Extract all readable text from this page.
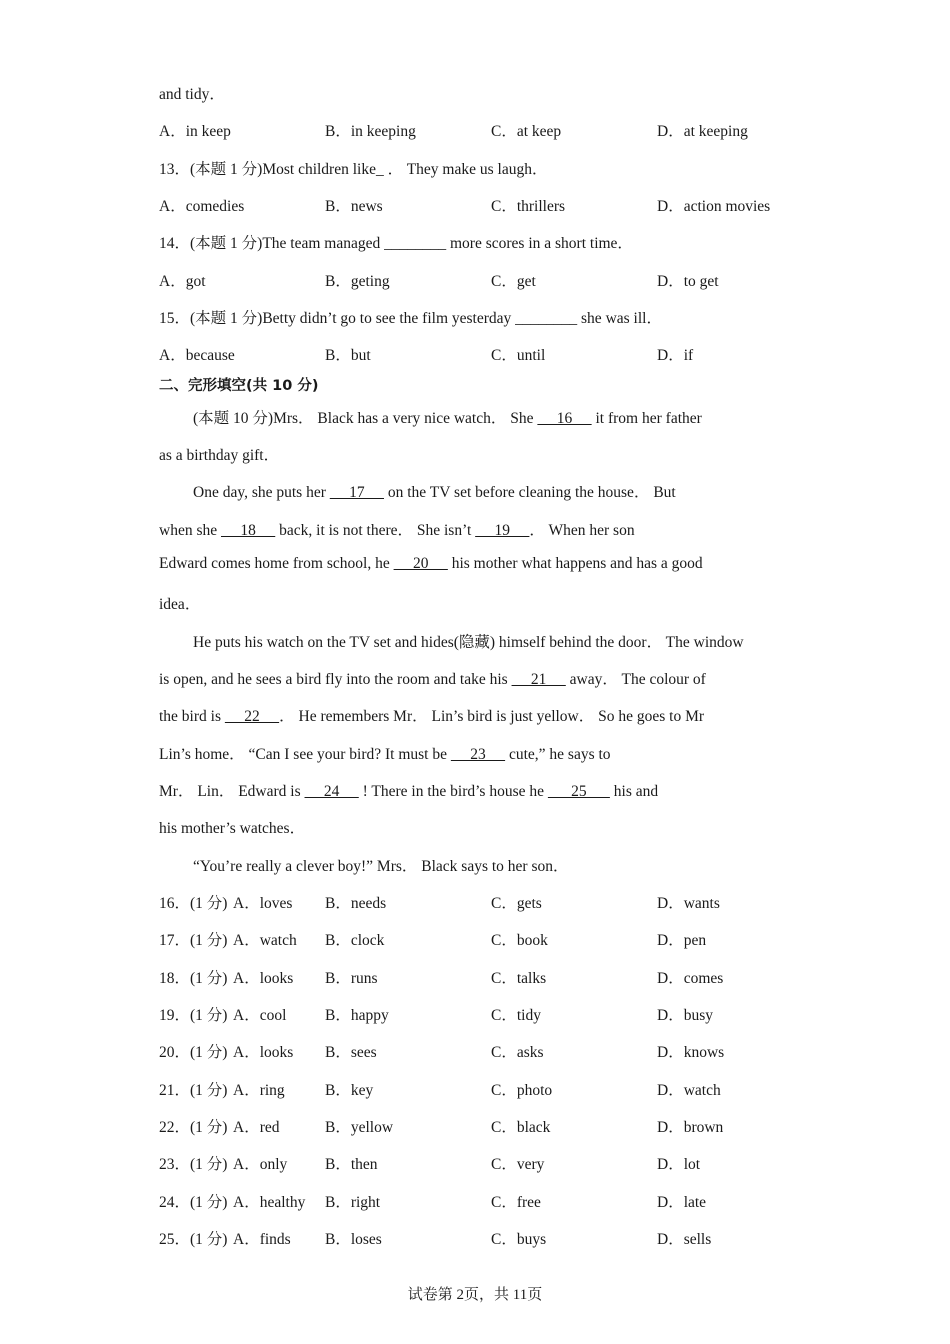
and tidy．
A．in keep	B．in keeping	C．at keep	D．at keeping
13．(本题 1 分)Most children like_ ． They make us laugh．
A．comedies	B．news	C．thrillers	D．action movies
14．(本题 1 分)The team managed ________ more scores in a short time．
A．got	B．geting	C．get	D．to get
15．(本题 1 分)Betty didn’t go to see the film yesterday ________ she was ill．
A．because	B．but	C．until	D．if
二、完形填空(共 10 分)
(本题 10 分)Mrs． Black has a very nice watch． She      16      it from her father
as a birthday gift．
One day, she puts her      17      on the TV set before cleaning the house． But
when she      18      back, it is not there． She isn’t      19     ． When her son
Edward comes home from school, he      20      his mother what happens and has a good
idea．
He puts his watch on the TV set and hides(隐藏) himself behind the door． The window
is open, and he sees a bird fly into the room and take his      21      away． The colour of
the bird is      22     ． He remembers Mr． Lin’s bird is just yellow． So he goes to Mr
Lin’s home． “Can I see your bird? It must be      23      cute,” he says to
Mr． Lin． Edward is      24      ! There in the bird’s house he       25       his and
his mother’s watches．
“You’re really a clever boy!” Mrs． Black says to her son．
16．(1 分) A．loves B．needs	C．gets	D．wants
17．(1 分) A．watch B．clock	C．book	D．pen
18．(1 分) A．looks B．runs	C．talks	D．comes
19．(1 分) A．cool B．happy	C．tidy	D．busy
20．(1 分) A．looks B．sees	C．asks	D．knows
21．(1 分) A．ring	B．key	C．photo	D．watch
22．(1 分) A．red	B．yellow	C．black	D．brown
23．(1 分) A．only B．then	C．very	D．lot
24．(1 分) A．healthy B．right	C．free	D．late
25．(1 分) A．finds B．loses	C．buys	D．sells
试卷第 2页，共 11页
